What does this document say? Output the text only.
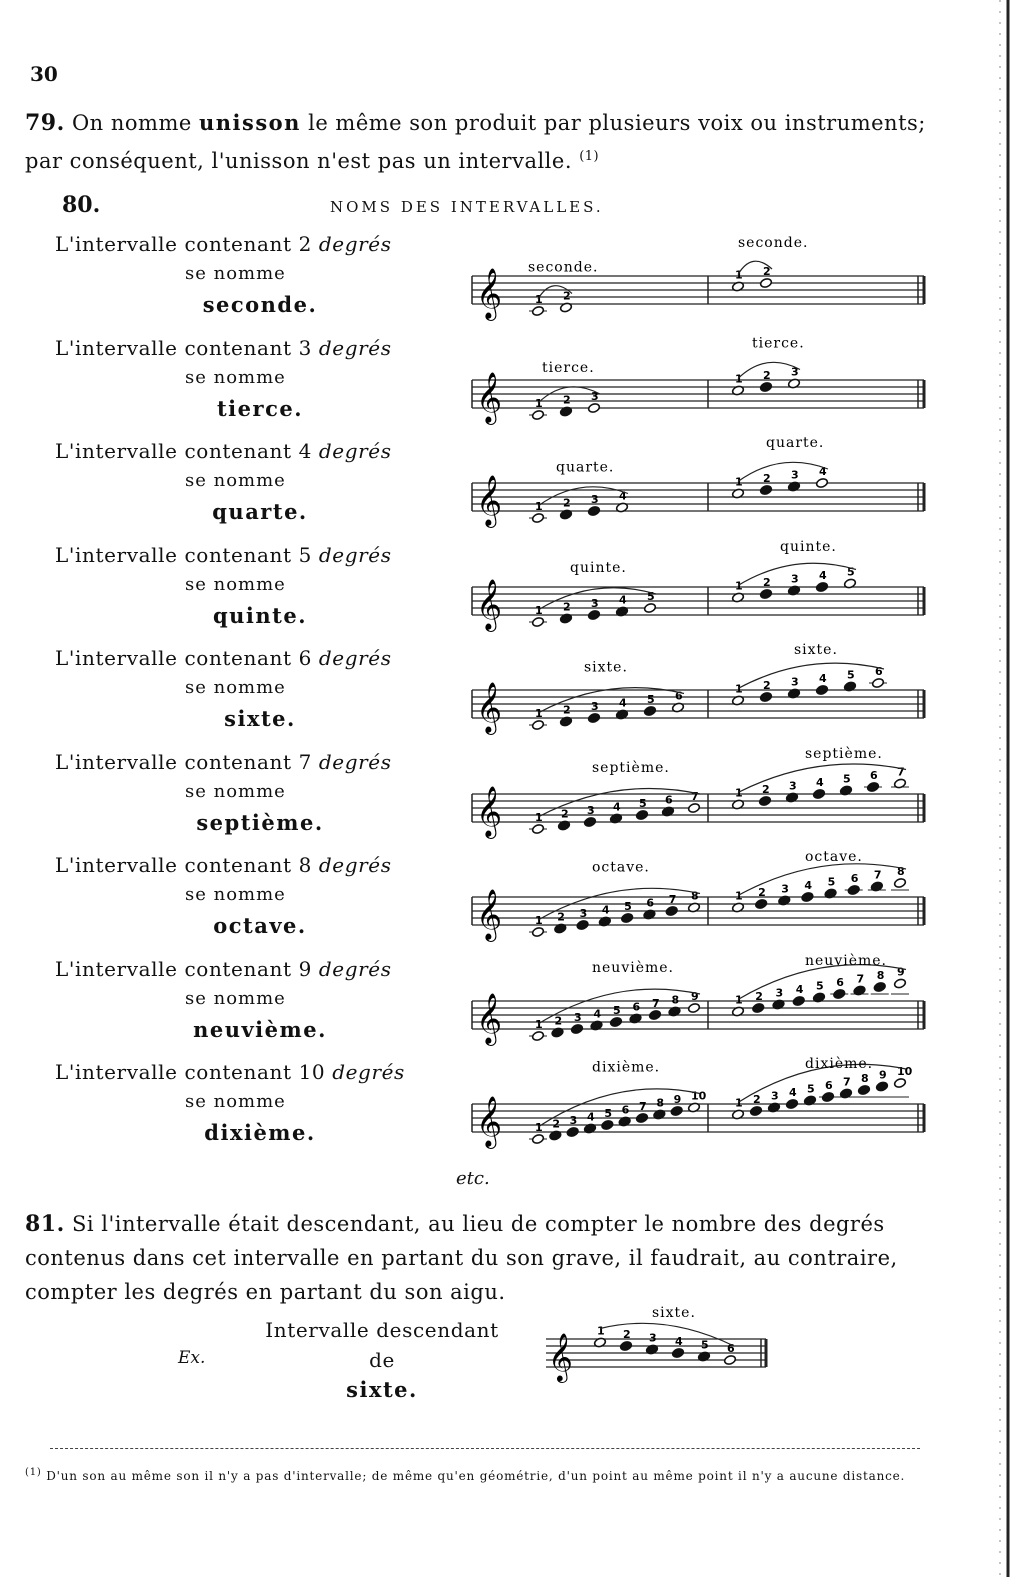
30
79. On nomme unisson le même son produit par plusieurs voix ou instruments; par conséquent, l'unisson n'est pas un intervalle. $^{(1)}$
80.	NOMS DES INTERVALLES.
L'intervalle contenant 2 degrés
se nomme
seconde.	𝄞	1 2
seconde.	1 2
seconde.
L'intervalle contenant 3 degrés
se nomme
tierce.	𝄞	1 2 3
tierce.
1 2 3
tierce.
L'intervalle contenant 4 degrés
se nomme
quarte.	𝄞	1 2 3 4
quarte.
1 2 3 4
quarte.
L'intervalle contenant 5 degrés
se nomme
quinte.	𝄞	1 2 3 4 5
quinte.
1 2 3 4 5
quinte.
L'intervalle contenant 6 degrés
se nomme
sixte.	𝄞	1 2 3 4 5 6
sixte.
1 2 3 4 5 6
sixte.
L'intervalle contenant 7 degrés
se nomme
septième.	𝄞	1 2 3 4 5 6 7
septième.
1 2 3 4 5 6 7
septième.
L'intervalle contenant 8 degrés
se nomme
octave.	𝄞	1 2 3 4 5 6 7 8
octave.
1 2 3 4 5 6 7 8
octave.
L'intervalle contenant 9 degrés
se nomme
neuvième.	𝄞	1 2 3 4 5 6 7 8 9
neuvième.
1 2 3 4 5 6 7 8 9
neuvième.
L'intervalle contenant 10 degrés
se nomme
dixième.	𝄞	1 2 3 4 5 6 7 8 9 10
dixième.
1 2 3 4 5 6 7 8 9 10
dixième.
etc.
81. Si l'intervalle était descendant, au lieu de compter le nombre des degrés contenus dans cet intervalle en partant du son grave, il faudrait, au contraire, compter les degrés en partant du son aigu.
Ex.
Intervalle descendant
de
sixte.
𝄞
1 2 3 4 5 6
sixte.
$^{(1)}$ D'un son au même son il n'y a pas d'intervalle; de même qu'en géométrie, d'un point au même point il n'y a aucune distance.
